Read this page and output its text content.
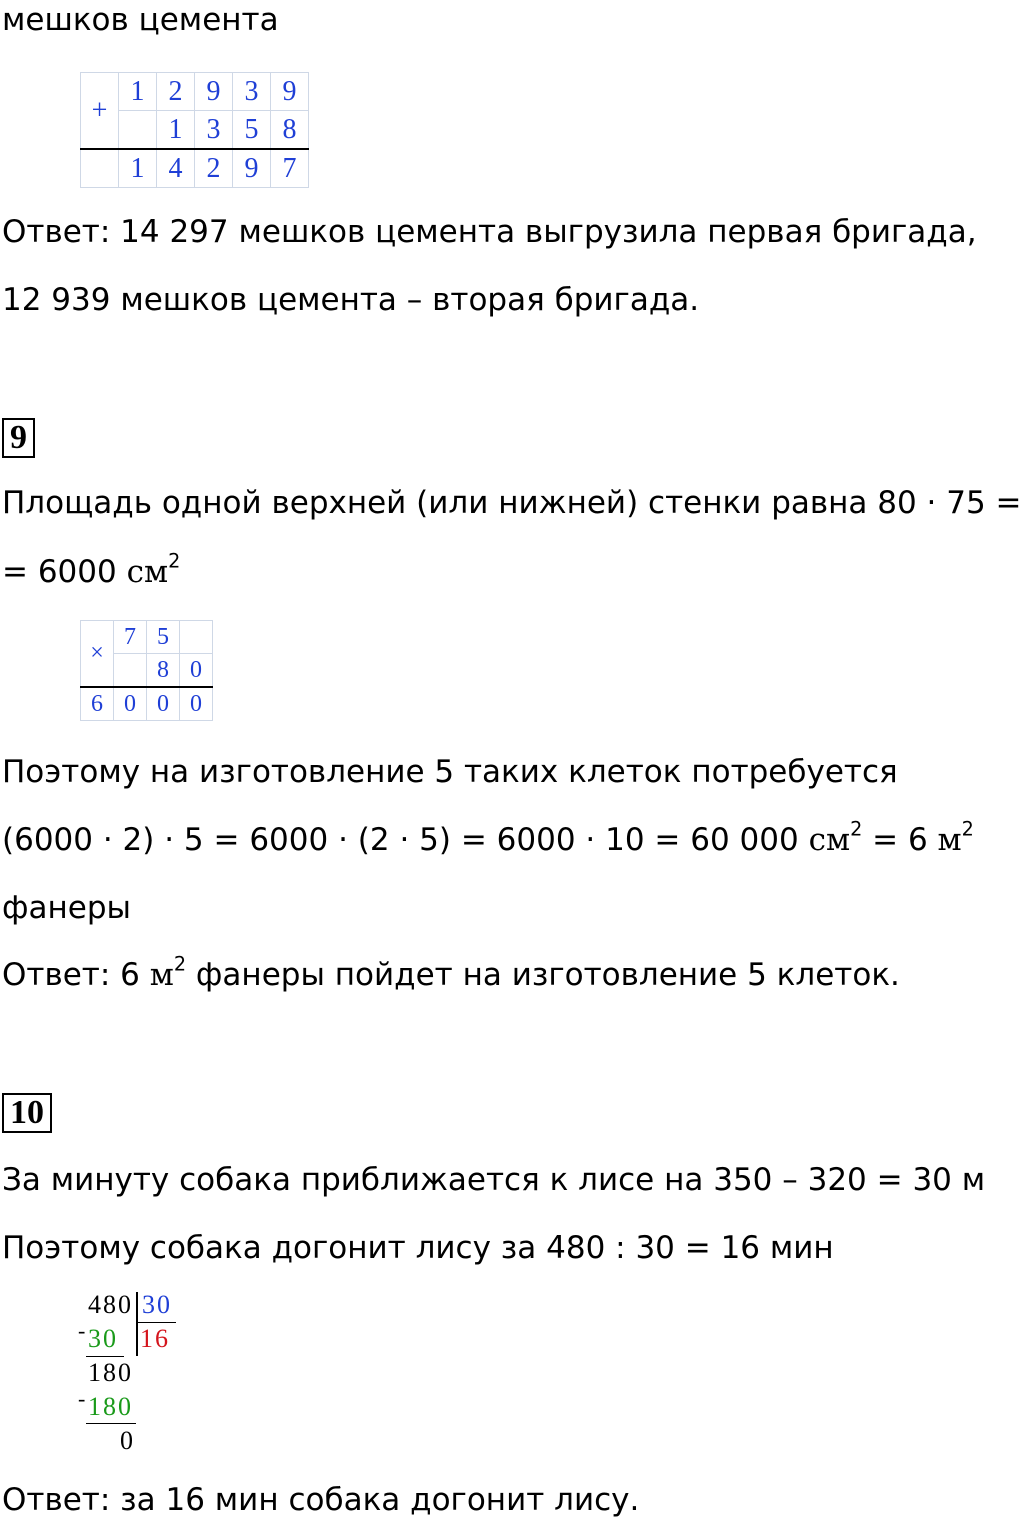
мешков цемента
+	1	2	9	3	9
		1	3	5	8
	1	4	2	9	7
Ответ: 14 297 мешков цемента выгрузила первая бригада,
12 939 мешков цемента – вторая бригада.
9
Площадь одной верхней (или нижней) стенки равна 80 · 75 =
= 6000 $см^2$
×	7	5	
		8	0
6	0	0	0
Поэтому на изготовление 5 таких клеток потребуется
(6000 · 2) · 5 = 6000 · (2 · 5) = 6000 · 10 = 60 000 $см^2 = 6$ $м^2$
фанеры
Ответ: 6 $м^2$ фанеры пойдет на изготовление 5 клеток.
10
За минуту собака приближается к лисе на 350 – 320 = 30 м
Поэтому собака догонит лису за 480 : 30 = 16 мин
480 30
- 30 16
180
- 180
0
Ответ: за 16 мин собака догонит лису.
